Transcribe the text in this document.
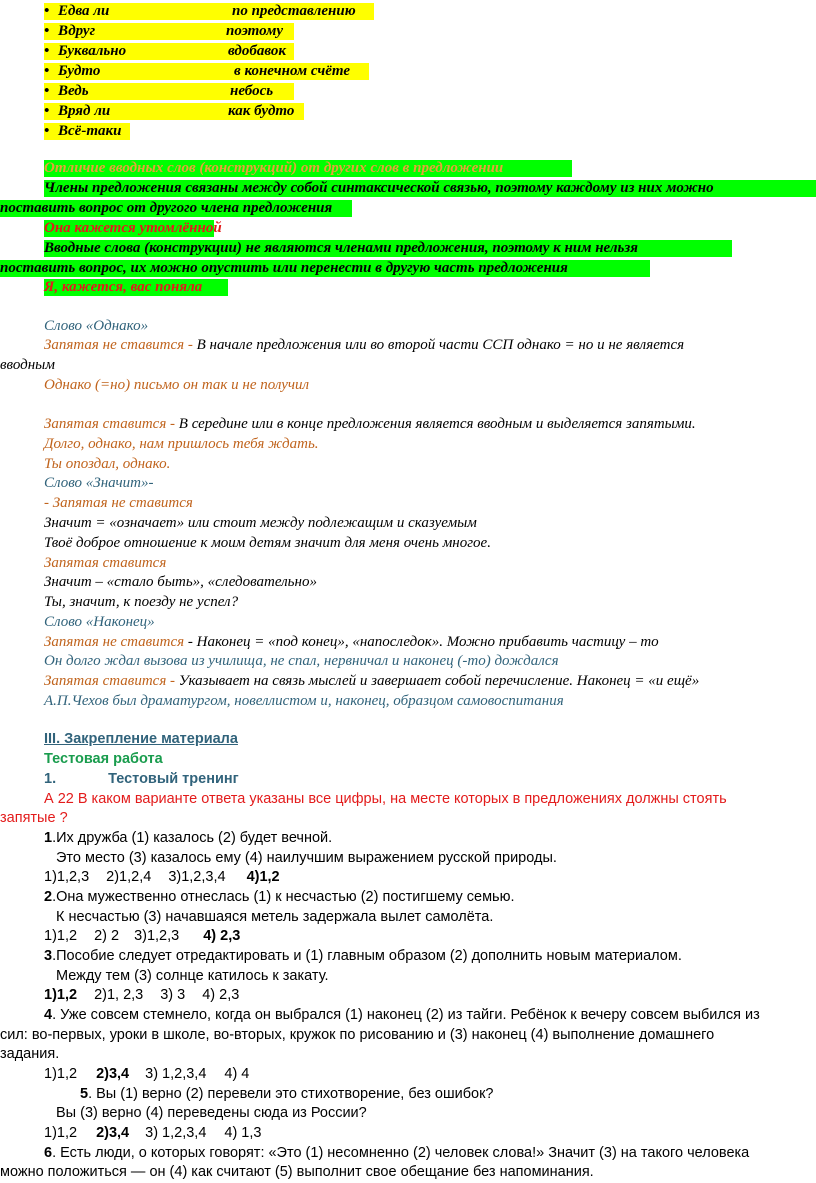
• Едва ли	по представлению
• Вдруг	поэтому
• Буквально	вдобавок
• Будто	в конечном счёте
• Ведь	небось
• Вряд ли	как будто
• Всё-таки
Отличие вводных слов (конструкций) от других слов в предложении
Члены предложения связаны между собой синтаксической связью, поэтому каждому из них можно
поставить вопрос от другого члена предложения
Она кажется утомлённой
Вводные слова (конструкции) не являются членами предложения, поэтому к ним нельзя
поставить вопрос, их можно опустить или перенести в другую часть предложения
Я, кажется, вас поняла
Слово «Однако»
Запятая не ставится - В начале предложения или во второй части ССП однако = но и не является
вводным
Однако (=но) письмо он так и не получил
Запятая ставится - В середине или в конце предложения является вводным и выделяется запятыми.
Долго, однако, нам пришлось тебя ждать.
Ты опоздал, однако.
Слово «Значит»-
- Запятая не ставится
Значит = «означает» или стоит между подлежащим и сказуемым
Твоё доброе отношение к моим детям значит для меня очень многое.
Запятая ставится
Значит – «стало быть», «следовательно»
Ты, значит, к поезду не успел?
Слово «Наконец»
Запятая не ставится - Наконец = «под конец», «напоследок». Можно прибавить частицу – то
Он долго ждал вызова из училища, не спал, нервничал и наконец (-то) дождался
Запятая ставится - Указывает на связь мыслей и завершает собой перечисление. Наконец = «и ещё»
А.П.Чехов был драматургом, новеллистом и, наконец, образцом самовоспитания
III. Закрепление материала
Тестовая работа
1.	Тестовый тренинг
А 22 В каком варианте ответа указаны все цифры, на месте которых в предложениях должны стоять
запятые ?
1.Их дружба (1) казалось (2) будет вечной.
Это место (3) казалось ему (4) наилучшим выражением русской природы.
1)1,2,3 2)1,2,4 3)1,2,3,4 4)1,2
2.Она мужественно отнеслась (1) к несчастью (2) постигшему семью.
К несчастью (3) начавшаяся метель задержала вылет самолёта.
1)1,2 2) 2 3)1,2,3 4) 2,3
3.Пособие следует отредактировать и (1) главным образом (2) дополнить новым материалом.
Между тем (3) солнце катилось к закату.
1)1,2 2)1, 2,3 3) 3 4) 2,3
4. Уже совсем стемнело, когда он выбрался (1) наконец (2) из тайги. Ребёнок к вечеру совсем выбился из
сил: во-первых, уроки в школе, во-вторых, кружок по рисованию и (3) наконец (4) выполнение домашнего
задания.
1)1,2 2)3,4 3) 1,2,3,4 4) 4
5. Вы (1) верно (2) перевели это стихотворение, без ошибок?
Вы (3) верно (4) переведены сюда из России?
1)1,2 2)3,4 3) 1,2,3,4 4) 1,3
6. Есть люди, о которых говорят: «Это (1) несомненно (2) человек слова!» Значит (3) на такого человека
можно положиться — он (4) как считают (5) выполнит свое обещание без напоминания.
